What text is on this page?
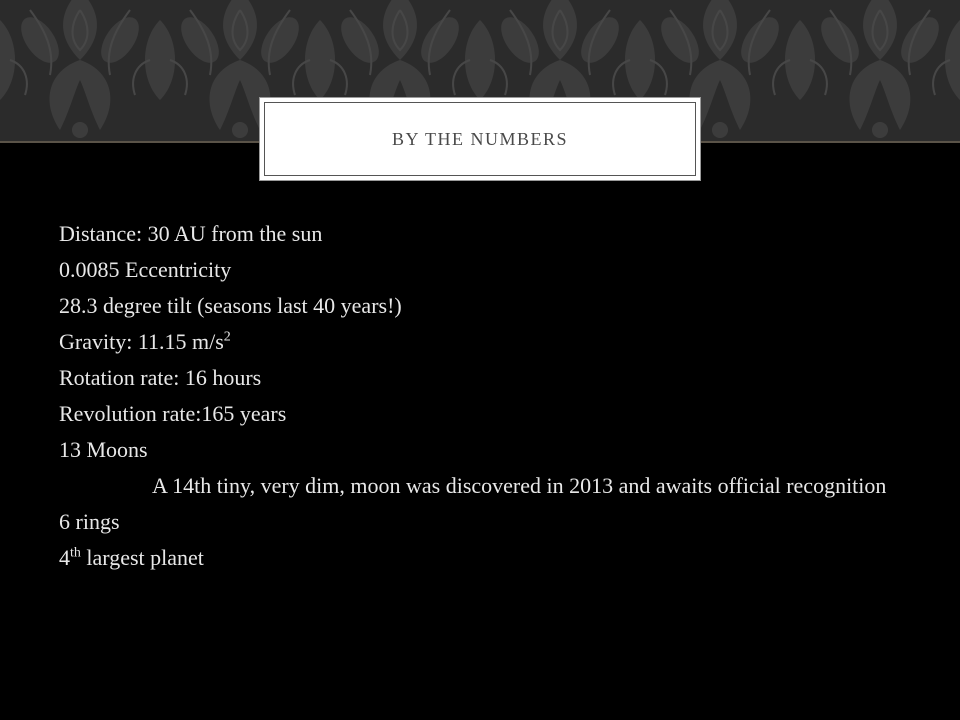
BY THE NUMBERS
Distance: 30 AU from the sun
0.0085 Eccentricity
28.3 degree tilt (seasons last 40 years!)
Gravity: 11.15 $m/s^2$
Rotation rate: 16 hours
Revolution rate:165 years
13 Moons
A 14th tiny, very dim, moon was discovered in 2013 and awaits official recognition
6 rings
4th largest planet
